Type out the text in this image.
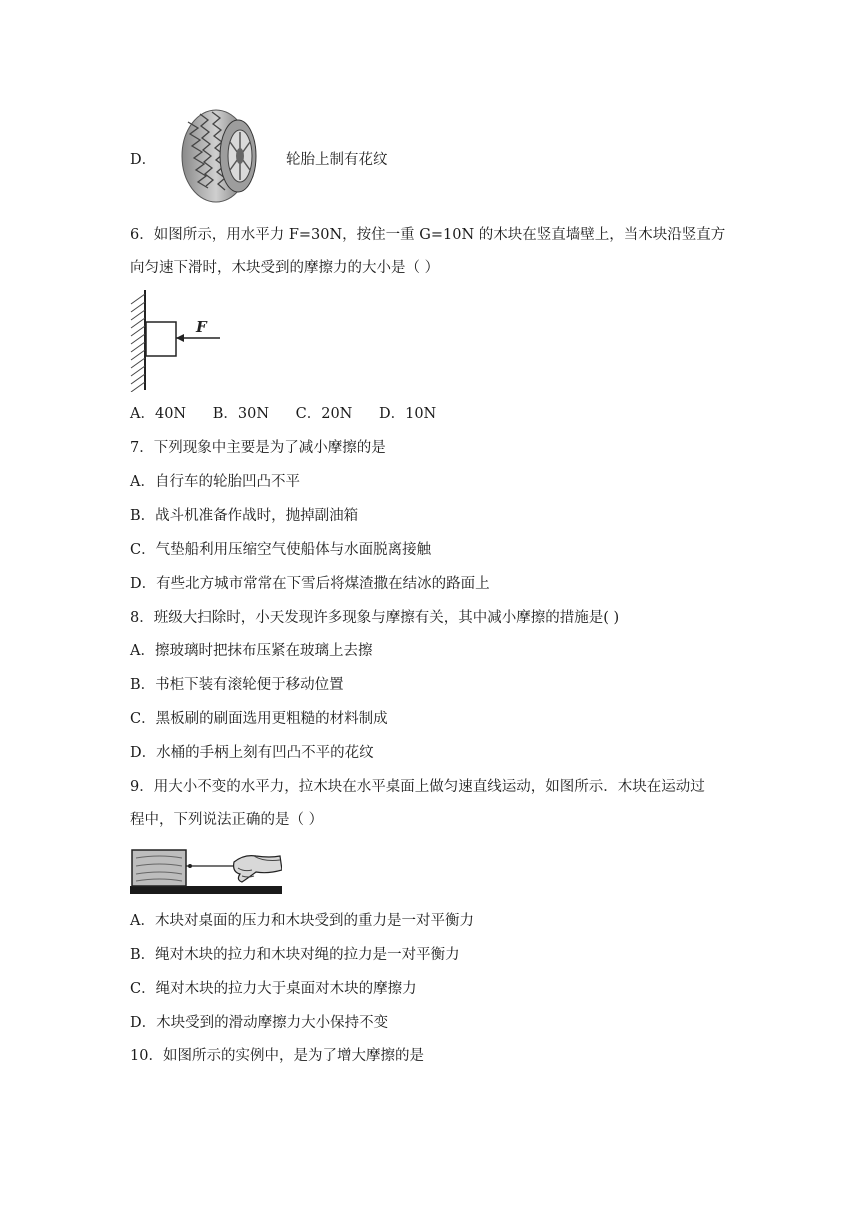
D．	轮胎上制有花纹
6．如图所示，用水平力 F=30N，按住一重 G=10N 的木块在竖直墙壁上，当木块沿竖直方
向匀速下滑时，木块受到的摩擦力的大小是（ ）
F
A．40N B．30N C．20N D．10N
7．下列现象中主要是为了减小摩擦的是
A．自行车的轮胎凹凸不平
B．战斗机准备作战时，抛掉副油箱
C．气垫船利用压缩空气使船体与水面脱离接触
D．有些北方城市常常在下雪后将煤渣撒在结冰的路面上
8．班级大扫除时，小天发现许多现象与摩擦有关，其中减小摩擦的措施是( )
A．擦玻璃时把抹布压紧在玻璃上去擦
B．书柜下装有滚轮便于移动位置
C．黑板刷的刷面选用更粗糙的材料制成
D．水桶的手柄上刻有凹凸不平的花纹
9．用大小不变的水平力，拉木块在水平桌面上做匀速直线运动，如图所示．木块在运动过
程中，下列说法正确的是（ ）
A．木块对桌面的压力和木块受到的重力是一对平衡力
B．绳对木块的拉力和木块对绳的拉力是一对平衡力
C．绳对木块的拉力大于桌面对木块的摩擦力
D．木块受到的滑动摩擦力大小保持不变
10．如图所示的实例中，是为了增大摩擦的是
